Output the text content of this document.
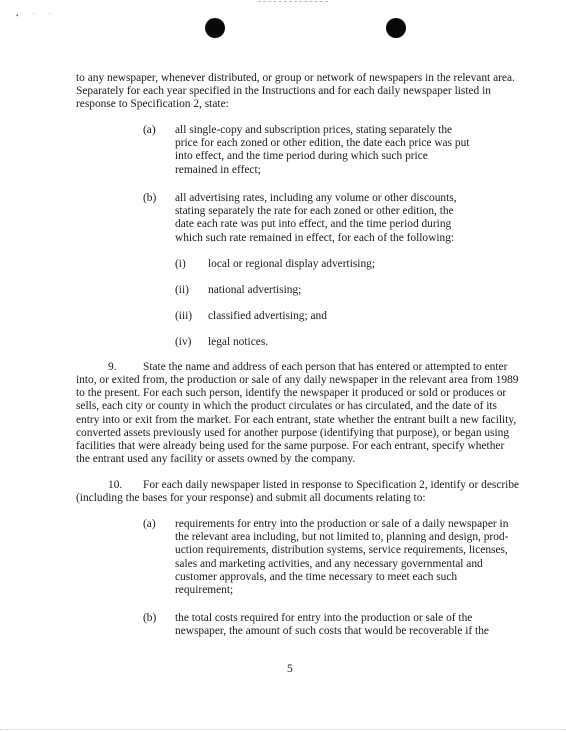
• ˙ ˙
to any newspaper, whenever distributed, or group or network of newspapers in the relevant area.
Separately for each year specified in the Instructions and for each daily newspaper listed in
response to Specification 2, state:
(a) all single-copy and subscription prices, stating separately the
price for each zoned or other edition, the date each price was put
into effect, and the time period during which such price
remained in effect;
(b) all advertising rates, including any volume or other discounts,
stating separately the rate for each zoned or other edition, the
date each rate was put into effect, and the time period during
which such rate remained in effect, for each of the following:
(i) local or regional display advertising;
(ii) national advertising;
(iii) classified advertising; and
(iv) legal notices.
9. State the name and address of each person that has entered or attempted to enter
into, or exited from, the production or sale of any daily newspaper in the relevant area from 1989
to the present. For each such person, identify the newspaper it produced or sold or produces or
sells, each city or county in which the product circulates or has circulated, and the date of its
entry into or exit from the market. For each entrant, state whether the entrant built a new facility,
converted assets previously used for another purpose (identifying that purpose), or began using
facilities that were already being used for the same purpose. For each entrant, specify whether
the entrant used any facility or assets owned by the company.
10. For each daily newspaper listed in response to Specification 2, identify or describe
(including the bases for your response) and submit all documents relating to:
(a) requirements for entry into the production or sale of a daily newspaper in
the relevant area including, but not limited to, planning and design, prod-
uction requirements, distribution systems, service requirements, licenses,
sales and marketing activities, and any necessary governmental and
customer approvals, and the time necessary to meet each such
requirement;
(b) the total costs required for entry into the production or sale of the
newspaper, the amount of such costs that would be recoverable if the
5
